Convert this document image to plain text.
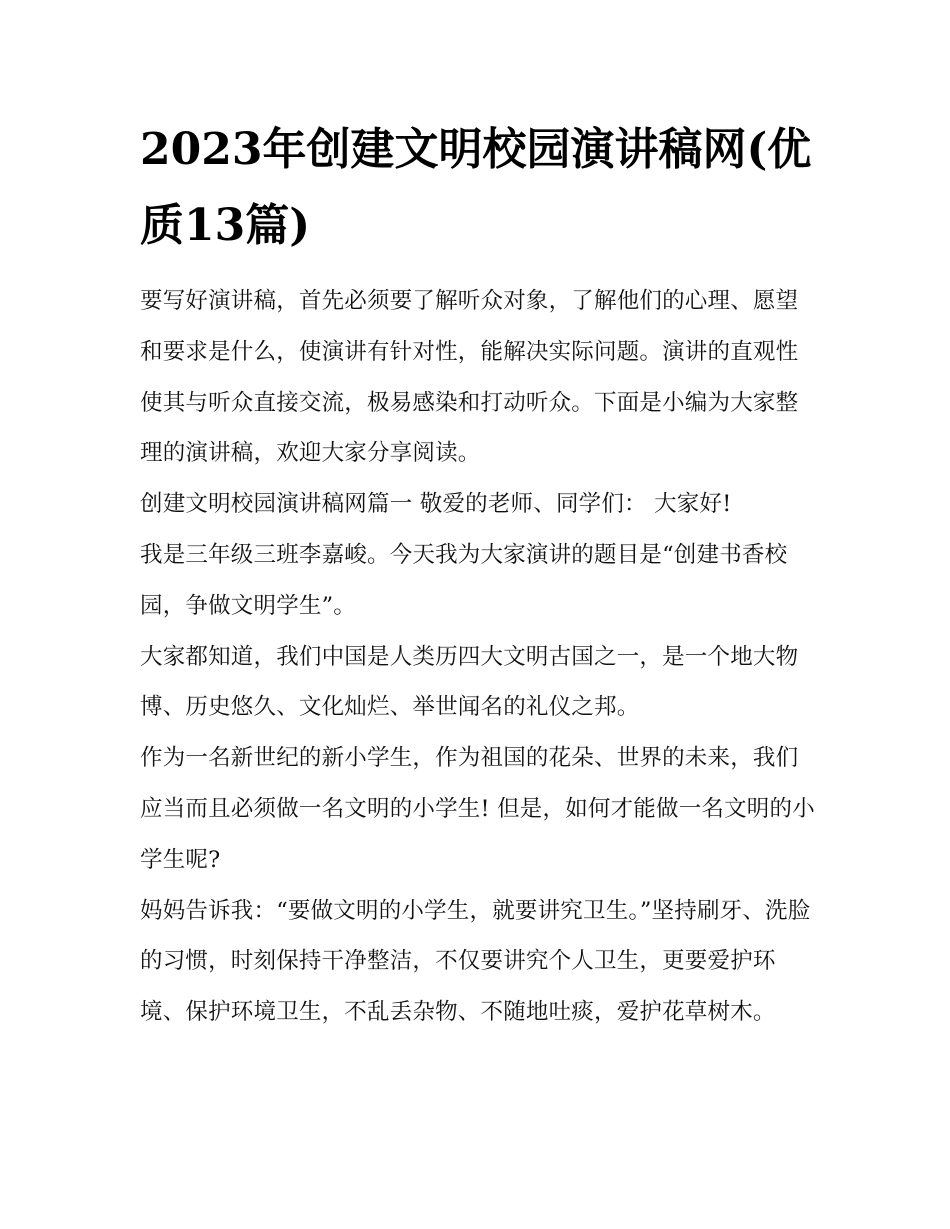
2023年创建文明校园演讲稿网(优质13篇)

要写好演讲稿，首先必须要了解听众对象，了解他们的心理、愿望和要求是什么，使演讲有针对性，能解决实际问题。演讲的直观性使其与听众直接交流，极易感染和打动听众。下面是小编为大家整理的演讲稿，欢迎大家分享阅读。

创建文明校园演讲稿网篇一 敬爱的老师、同学们： 大家好!

我是三年级三班李嘉峻。今天我为大家演讲的题目是“创建书香校园，争做文明学生”。

大家都知道，我们中国是人类历四大文明古国之一，是一个地大物博、历史悠久、文化灿烂、举世闻名的礼仪之邦。

作为一名新世纪的新小学生，作为祖国的花朵、世界的未来，我们应当而且必须做一名文明的小学生! 但是，如何才能做一名文明的小学生呢?

妈妈告诉我：“要做文明的小学生，就要讲究卫生。”坚持刷牙、洗脸的习惯，时刻保持干净整洁，不仅要讲究个人卫生，更要爱护环境、保护环境卫生，不乱丢杂物、不随地吐痰，爱护花草树木。
